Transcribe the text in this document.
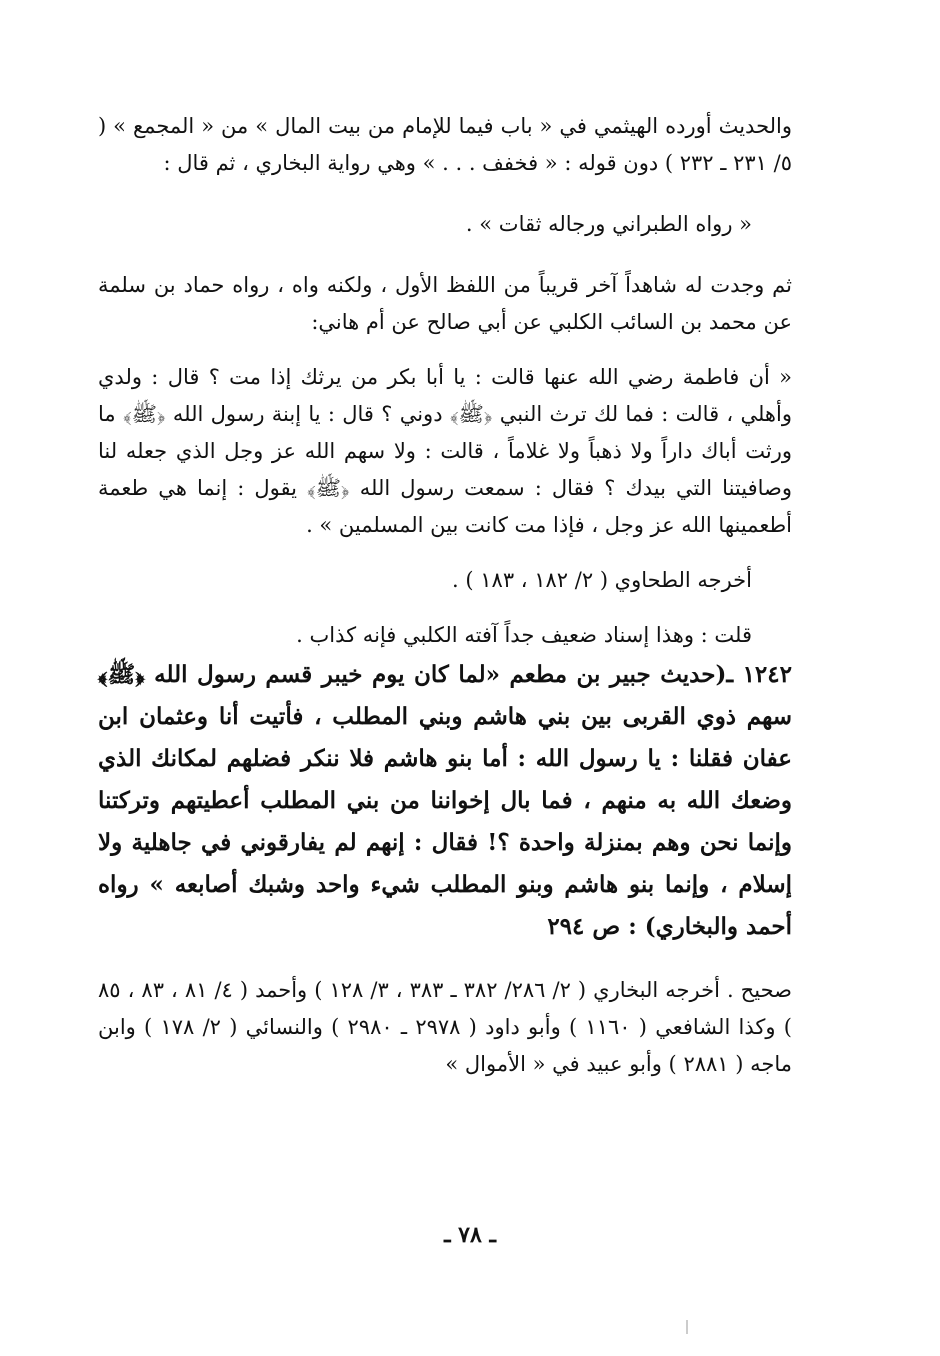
والحديث أورده الهيثمي في « باب فيما للإمام من بيت المال » من « المجمع » ( ٥/ ٢٣١ ـ ٢٣٢ ) دون قوله : « فخفف . . . » وهي رواية البخاري ، ثم قال :

« رواه الطبراني ورجاله ثقات » .

ثم وجدت له شاهداً آخر قريباً من اللفظ الأول ، ولكنه واه ، رواه حماد بن سلمة عن محمد بن السائب الكلبي عن أبي صالح عن أم هاني:

« أن فاطمة رضي الله عنها قالت : يا أبا بكر من يرثك إذا مت ؟ قال : ولدي وأهلي ، قالت : فما لك ترث النبي ﴿ﷺ﴾ دوني ؟ قال : يا إبنة رسول الله ﴿ﷺ﴾ ما ورثت أباك داراً ولا ذهباً ولا غلاماً ، قالت : ولا سهم الله عز وجل الذي جعله لنا وصافيتنا التي بيدك ؟ فقال : سمعت رسول الله ﴿ﷺ﴾ يقول : إنما هي طعمة أطعمينها الله عز وجل ، فإذا مت كانت بين المسلمين » .

أخرجه الطحاوي ( ٢/ ١٨٢ ، ١٨٣ ) .

قلت : وهذا إسناد ضعيف جداً آفته الكلبي فإنه كذاب .

١٢٤٢ ـ(حديث جبير بن مطعم «لما كان يوم خيبر قسم رسول الله ﴿ﷺ﴾ سهم ذوي القربى بين بني هاشم وبني المطلب ، فأتيت أنا وعثمان ابن عفان فقلنا : يا رسول الله : أما بنو هاشم فلا ننكر فضلهم لمكانك الذي وضعك الله به منهم ، فما بال إخواننا من بني المطلب أعطيتهم وتركتنا وإنما نحن وهم بمنزلة واحدة ؟! فقال : إنهم لم يفارقوني في جاهلية ولا إسلام ، وإنما بنو هاشم وبنو المطلب شيء واحد وشبك أصابعه » رواه أحمد والبخاري) : ص ٢٩٤

صحيح . أخرجه البخاري ( ٢/ ٢٨٦/ ٣٨٢ ـ ٣٨٣ ، ٣/ ١٢٨ ) وأحمد ( ٤/ ٨١ ، ٨٣ ، ٨٥ ) وكذا الشافعي ( ١١٦٠ ) وأبو داود ( ٢٩٧٨ ـ ٢٩٨٠ ) والنسائي ( ٢/ ١٧٨ ) وابن ماجه ( ٢٨٨١ ) وأبو عبيد في « الأموال »

ـ ٧٨ ـ
